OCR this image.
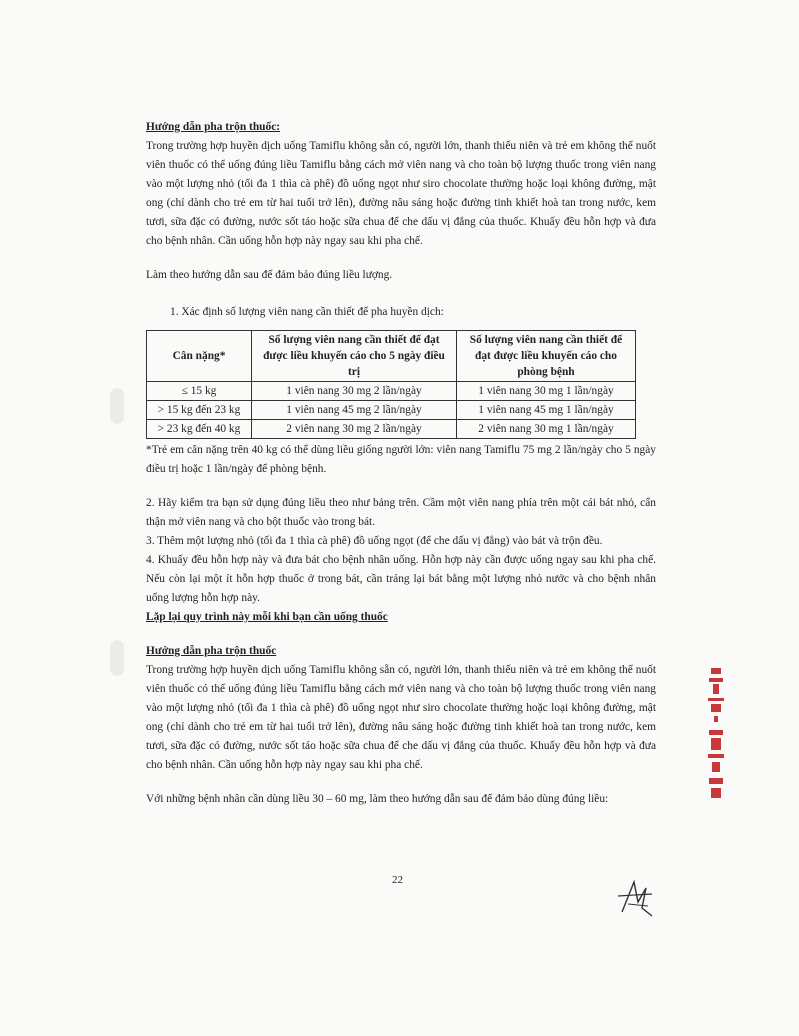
Hướng dẫn pha trộn thuốc:

Trong trường hợp huyền dịch uống Tamiflu không sẵn có, người lớn, thanh thiếu niên và trẻ em không thể nuốt viên thuốc có thể uống đúng liều Tamiflu bằng cách mở viên nang và cho toàn bộ lượng thuốc trong viên nang vào một lượng nhỏ (tối đa 1 thìa cà phê) đồ uống ngọt như siro chocolate thường hoặc loại không đường, mật ong (chỉ dành cho trẻ em từ hai tuổi trở lên), đường nâu sáng hoặc đường tinh khiết hoà tan trong nước, kem tươi, sữa đặc có đường, nước sốt táo hoặc sữa chua để che dấu vị đắng của thuốc. Khuấy đều hỗn hợp và đưa cho bệnh nhân. Cần uống hỗn hợp này ngay sau khi pha chế.

Làm theo hướng dẫn sau để đảm bảo đúng liều lượng.

1. Xác định số lượng viên nang cần thiết để pha huyền dịch:

Cân nặng*	Số lượng viên nang cần thiết để đạt được liều khuyến cáo cho 5 ngày điều trị	Số lượng viên nang cần thiết để đạt được liều khuyến cáo cho phòng bệnh
≤ 15 kg	1 viên nang 30 mg 2 lần/ngày	1 viên nang 30 mg 1 lần/ngày
> 15 kg đến 23 kg	1 viên nang 45 mg 2 lần/ngày	1 viên nang 45 mg 1 lần/ngày
> 23 kg đến 40 kg	2 viên nang 30 mg 2 lần/ngày	2 viên nang 30 mg 1 lần/ngày

*Trẻ em cân nặng trên 40 kg có thể dùng liều giống người lớn: viên nang Tamiflu 75 mg 2 lần/ngày cho 5 ngày điều trị hoặc 1 lần/ngày để phòng bệnh.

2. Hãy kiểm tra bạn sử dụng đúng liều theo như bảng trên. Cầm một viên nang phía trên một cái bát nhỏ, cẩn thận mở viên nang và cho bột thuốc vào trong bát.

3. Thêm một lượng nhỏ (tối đa 1 thìa cà phê) đồ uống ngọt (để che dấu vị đắng) vào bát và trộn đều.

4. Khuấy đều hỗn hợp này và đưa bát cho bệnh nhân uống. Hỗn hợp này cần được uống ngay sau khi pha chế. Nếu còn lại một ít hỗn hợp thuốc ở trong bát, cần tráng lại bát bằng một lượng nhỏ nước và cho bệnh nhân uống lượng hỗn hợp này.

Lặp lại quy trình này mỗi khi bạn cần uống thuốc
Hướng dẫn pha trộn thuốc

Trong trường hợp huyền dịch uống Tamiflu không sẵn có, người lớn, thanh thiếu niên và trẻ em không thể nuốt viên thuốc có thể uống đúng liều Tamiflu bằng cách mở viên nang và cho toàn bộ lượng thuốc trong viên nang vào một lượng nhỏ (tối đa 1 thìa cà phê) đồ uống ngọt như siro chocolate thường hoặc loại không đường, mật ong (chỉ dành cho trẻ em từ hai tuổi trở lên), đường nâu sáng hoặc đường tinh khiết hoà tan trong nước, kem tươi, sữa đặc có đường, nước sốt táo hoặc sữa chua để che dấu vị đắng của thuốc. Khuấy đều hỗn hợp và đưa cho bệnh nhân. Cần uống hỗn hợp này ngay sau khi pha chế.

Với những bệnh nhân cần dùng liều 30 – 60 mg, làm theo hướng dẫn sau để đảm bảo dùng đúng liều:

22
